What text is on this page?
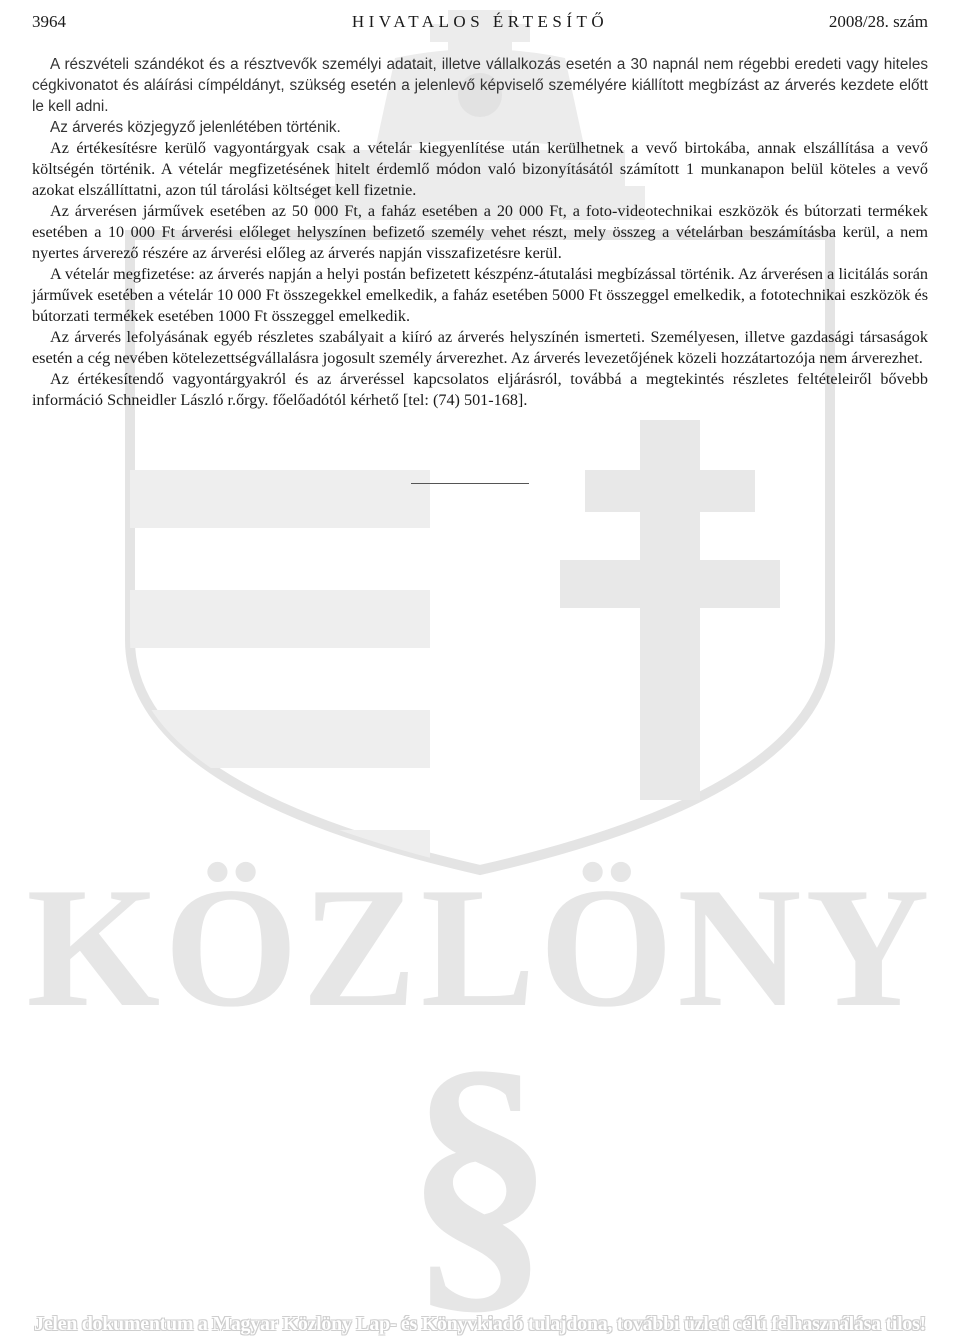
KÖZLÖNY
§
3964	HIVATALOS ÉRTESÍTŐ	2008/28. szám

A részvételi szándékot és a résztvevők személyi adatait, illetve vállalkozás esetén a 30 napnál nem régebbi eredeti vagy hiteles cégkivonatot és aláírási címpéldányt, szükség esetén a jelenlevő képviselő személyére kiállított megbízást az árverés kezdete előtt le kell adni.

Az árverés közjegyző jelenlétében történik.

Az értékesítésre kerülő vagyontárgyak csak a vételár kiegyenlítése után kerülhetnek a vevő birtokába, annak elszállítása a vevő költségén történik. A vételár megfizetésének hitelt érdemlő módon való bizonyításától számított 1 munkanapon belül köteles a vevő azokat elszállíttatni, azon túl tárolási költséget kell fizetnie.

Az árverésen járművek esetében az 50 000 Ft, a faház esetében a 20 000 Ft, a foto-videotechnikai eszközök és bútorzati termékek esetében a 10 000 Ft árverési előleget helyszínen befizető személy vehet részt, mely összeg a vételárban beszámításba kerül, a nem nyertes árverező részére az árverési előleg az árverés napján visszafizetésre kerül.

A vételár megfizetése: az árverés napján a helyi postán befizetett készpénz-átutalási megbízással történik. Az árverésen a licitálás során járművek esetében a vételár 10 000 Ft összegekkel emelkedik, a faház esetében 5000 Ft összeggel emelkedik, a fototechnikai eszközök és bútorzati termékek esetében 1000 Ft összeggel emelkedik.

Az árverés lefolyásának egyéb részletes szabályait a kiíró az árverés helyszínén ismerteti. Személyesen, illetve gazdasági társaságok esetén a cég nevében kötelezettségvállalásra jogosult személy árverezhet. Az árverés levezetőjének közeli hozzátartozója nem árverezhet.

Az értékesítendő vagyontárgyakról és az árveréssel kapcsolatos eljárásról, továbbá a megtekintés részletes feltételeiről bővebb információ Schneidler László r.őrgy. főelőadótól kérhető [tel: (74) 501-168].

Jelen dokumentum a Magyar Közlöny Lap- és Könyvkiadó tulajdona, további üzleti célú felhasználása tilos!
